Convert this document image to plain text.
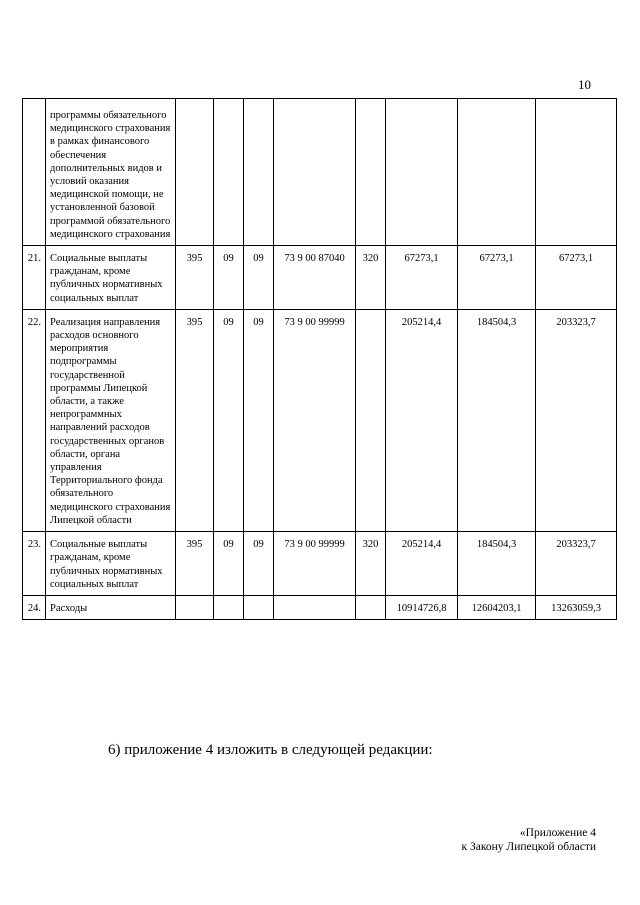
10
	программы обязательного медицинского страхования в рамках финансового обеспечения дополнительных видов и условий оказания медицинской помощи, не установленной базовой программой обязательного медицинского страхования								
21.	Социальные выплаты гражданам, кроме публичных нормативных социальных выплат	395	09	09	73 9 00 87040	320	67273,1	67273,1	67273,1
22.	Реализация направления расходов основного мероприятия подпрограммы государственной программы Липецкой области, а также непрограммных направлений расходов государственных органов области, органа управления Территориального фонда обязательного медицинского страхования Липецкой области	395	09	09	73 9 00 99999		205214,4	184504,3	203323,7
23.	Социальные выплаты гражданам, кроме публичных нормативных социальных выплат	395	09	09	73 9 00 99999	320	205214,4	184504,3	203323,7
24.	Расходы						10914726,8	12604203,1	13263059,3
6) приложение 4 изложить в следующей редакции:
«Приложение 4
к Закону Липецкой области
